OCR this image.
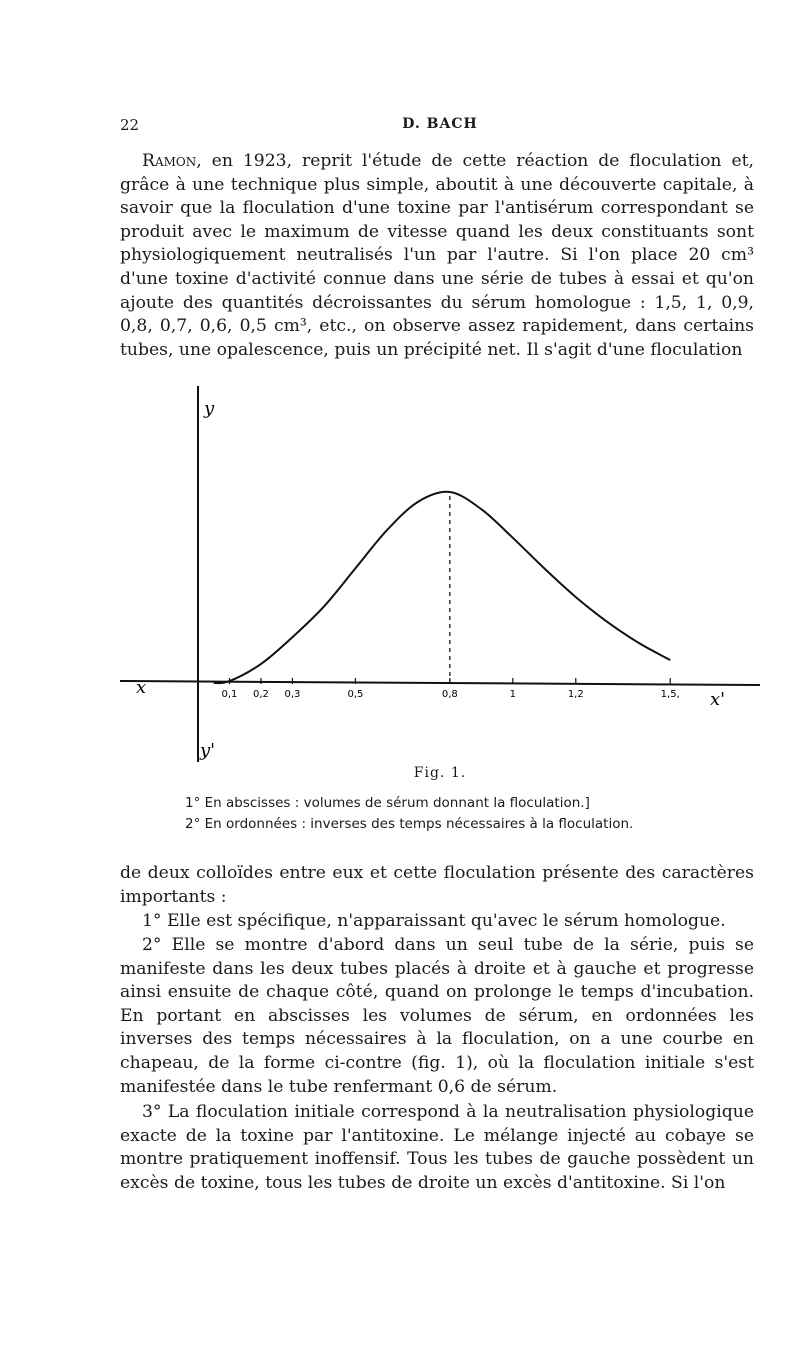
22	D. BACH

Ramon, en 1923, reprit l'étude de cette réaction de floculation et, grâce à une technique plus simple, aboutit à une découverte capitale, à savoir que la floculation d'une toxine par l'antisérum correspondant se produit avec le maximum de vitesse quand les deux constituants sont physiologiquement neutralisés l'un par l'autre. Si l'on place 20 cm³ d'une toxine d'activité connue dans une série de tubes à essai et qu'on ajoute des quantités décroissantes du sérum homologue : 1,5, 1, 0,9, 0,8, 0,7, 0,6, 0,5 cm³, etc., on observe assez rapidement, dans certains tubes, une opalescence, puis un précipité net. Il s'agit d'une floculation

y
y'
x
x'
0,1 0,2 0,3	0,5	0,8	1	1,2	1,5,
Fig. 1.
1° En abscisses : volumes de sérum donnant la floculation.]
2° En ordonnées : inverses des temps nécessaires à la floculation.

de deux colloïdes entre eux et cette floculation présente des caractères importants :

1° Elle est spécifique, n'apparaissant qu'avec le sérum homologue.

2° Elle se montre d'abord dans un seul tube de la série, puis se manifeste dans les deux tubes placés à droite et à gauche et progresse ainsi ensuite de chaque côté, quand on prolonge le temps d'incubation. En portant en abscisses les volumes de sérum, en ordonnées les inverses des temps nécessaires à la floculation, on a une courbe en chapeau, de la forme ci-contre (fig. 1), où la floculation initiale s'est manifestée dans le tube renfermant 0,6 de sérum.

3° La floculation initiale correspond à la neutralisation physiologique exacte de la toxine par l'antitoxine. Le mélange injecté au cobaye se montre pratiquement inoffensif. Tous les tubes de gauche possèdent un excès de toxine, tous les tubes de droite un excès d'antitoxine. Si l'on
